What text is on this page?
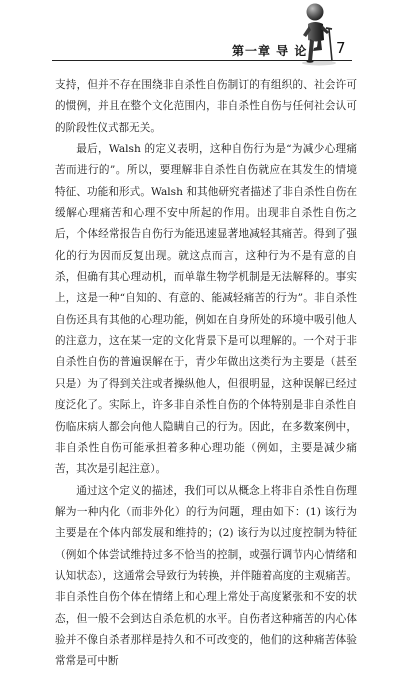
第一章 导 论 7

支持，但并不存在围绕非自杀性自伤制订的有组织的、社会许可的惯例，并且在整个文化范围内，非自杀性自伤与任何社会认可的阶段性仪式都无关。

最后，Walsh 的定义表明，这种自伤行为是“为减少心理痛苦而进行的”。所以，要理解非自杀性自伤就应在其发生的情境特征、功能和形式。Walsh 和其他研究者描述了非自杀性自伤在缓解心理痛苦和心理不安中所起的作用。出现非自杀性自伤之后，个体经常报告自伤行为能迅速显著地减轻其痛苦。得到了强化的行为因而反复出现。就这点而言，这种行为不是有意的自杀，但确有其心理动机，而单靠生物学机制是无法解释的。事实上，这是一种“自知的、有意的、能减轻痛苦的行为”。非自杀性自伤还具有其他的心理功能，例如在自身所处的环境中吸引他人的注意力，这在某一定的文化背景下是可以理解的。一个对于非自杀性自伤的普遍误解在于，青少年做出这类行为主要是（甚至只是）为了得到关注或者操纵他人，但很明显，这种误解已经过度泛化了。实际上，许多非自杀性自伤的个体特别是非自杀性自伤临床病人都会向他人隐瞒自己的行为。因此，在多数案例中，非自杀性自伤可能承担着多种心理功能（例如，主要是减少痛苦，其次是引起注意）。

通过这个定义的描述，我们可以从概念上将非自杀性自伤理解为一种内化（而非外化）的行为问题，理由如下：(1) 该行为主要是在个体内部发展和维持的；(2) 该行为以过度控制为特征（例如个体尝试维持过多不恰当的控制，或强行调节内心情绪和认知状态），这通常会导致行为转换，并伴随着高度的主观痛苦。非自杀性自伤个体在情绪上和心理上常处于高度紧张和不安的状态，但一般不会到达自杀危机的水平。自伤者这种痛苦的内心体验并不像自杀者那样是持久和不可改变的，他们的这种痛苦体验常常是可中断
